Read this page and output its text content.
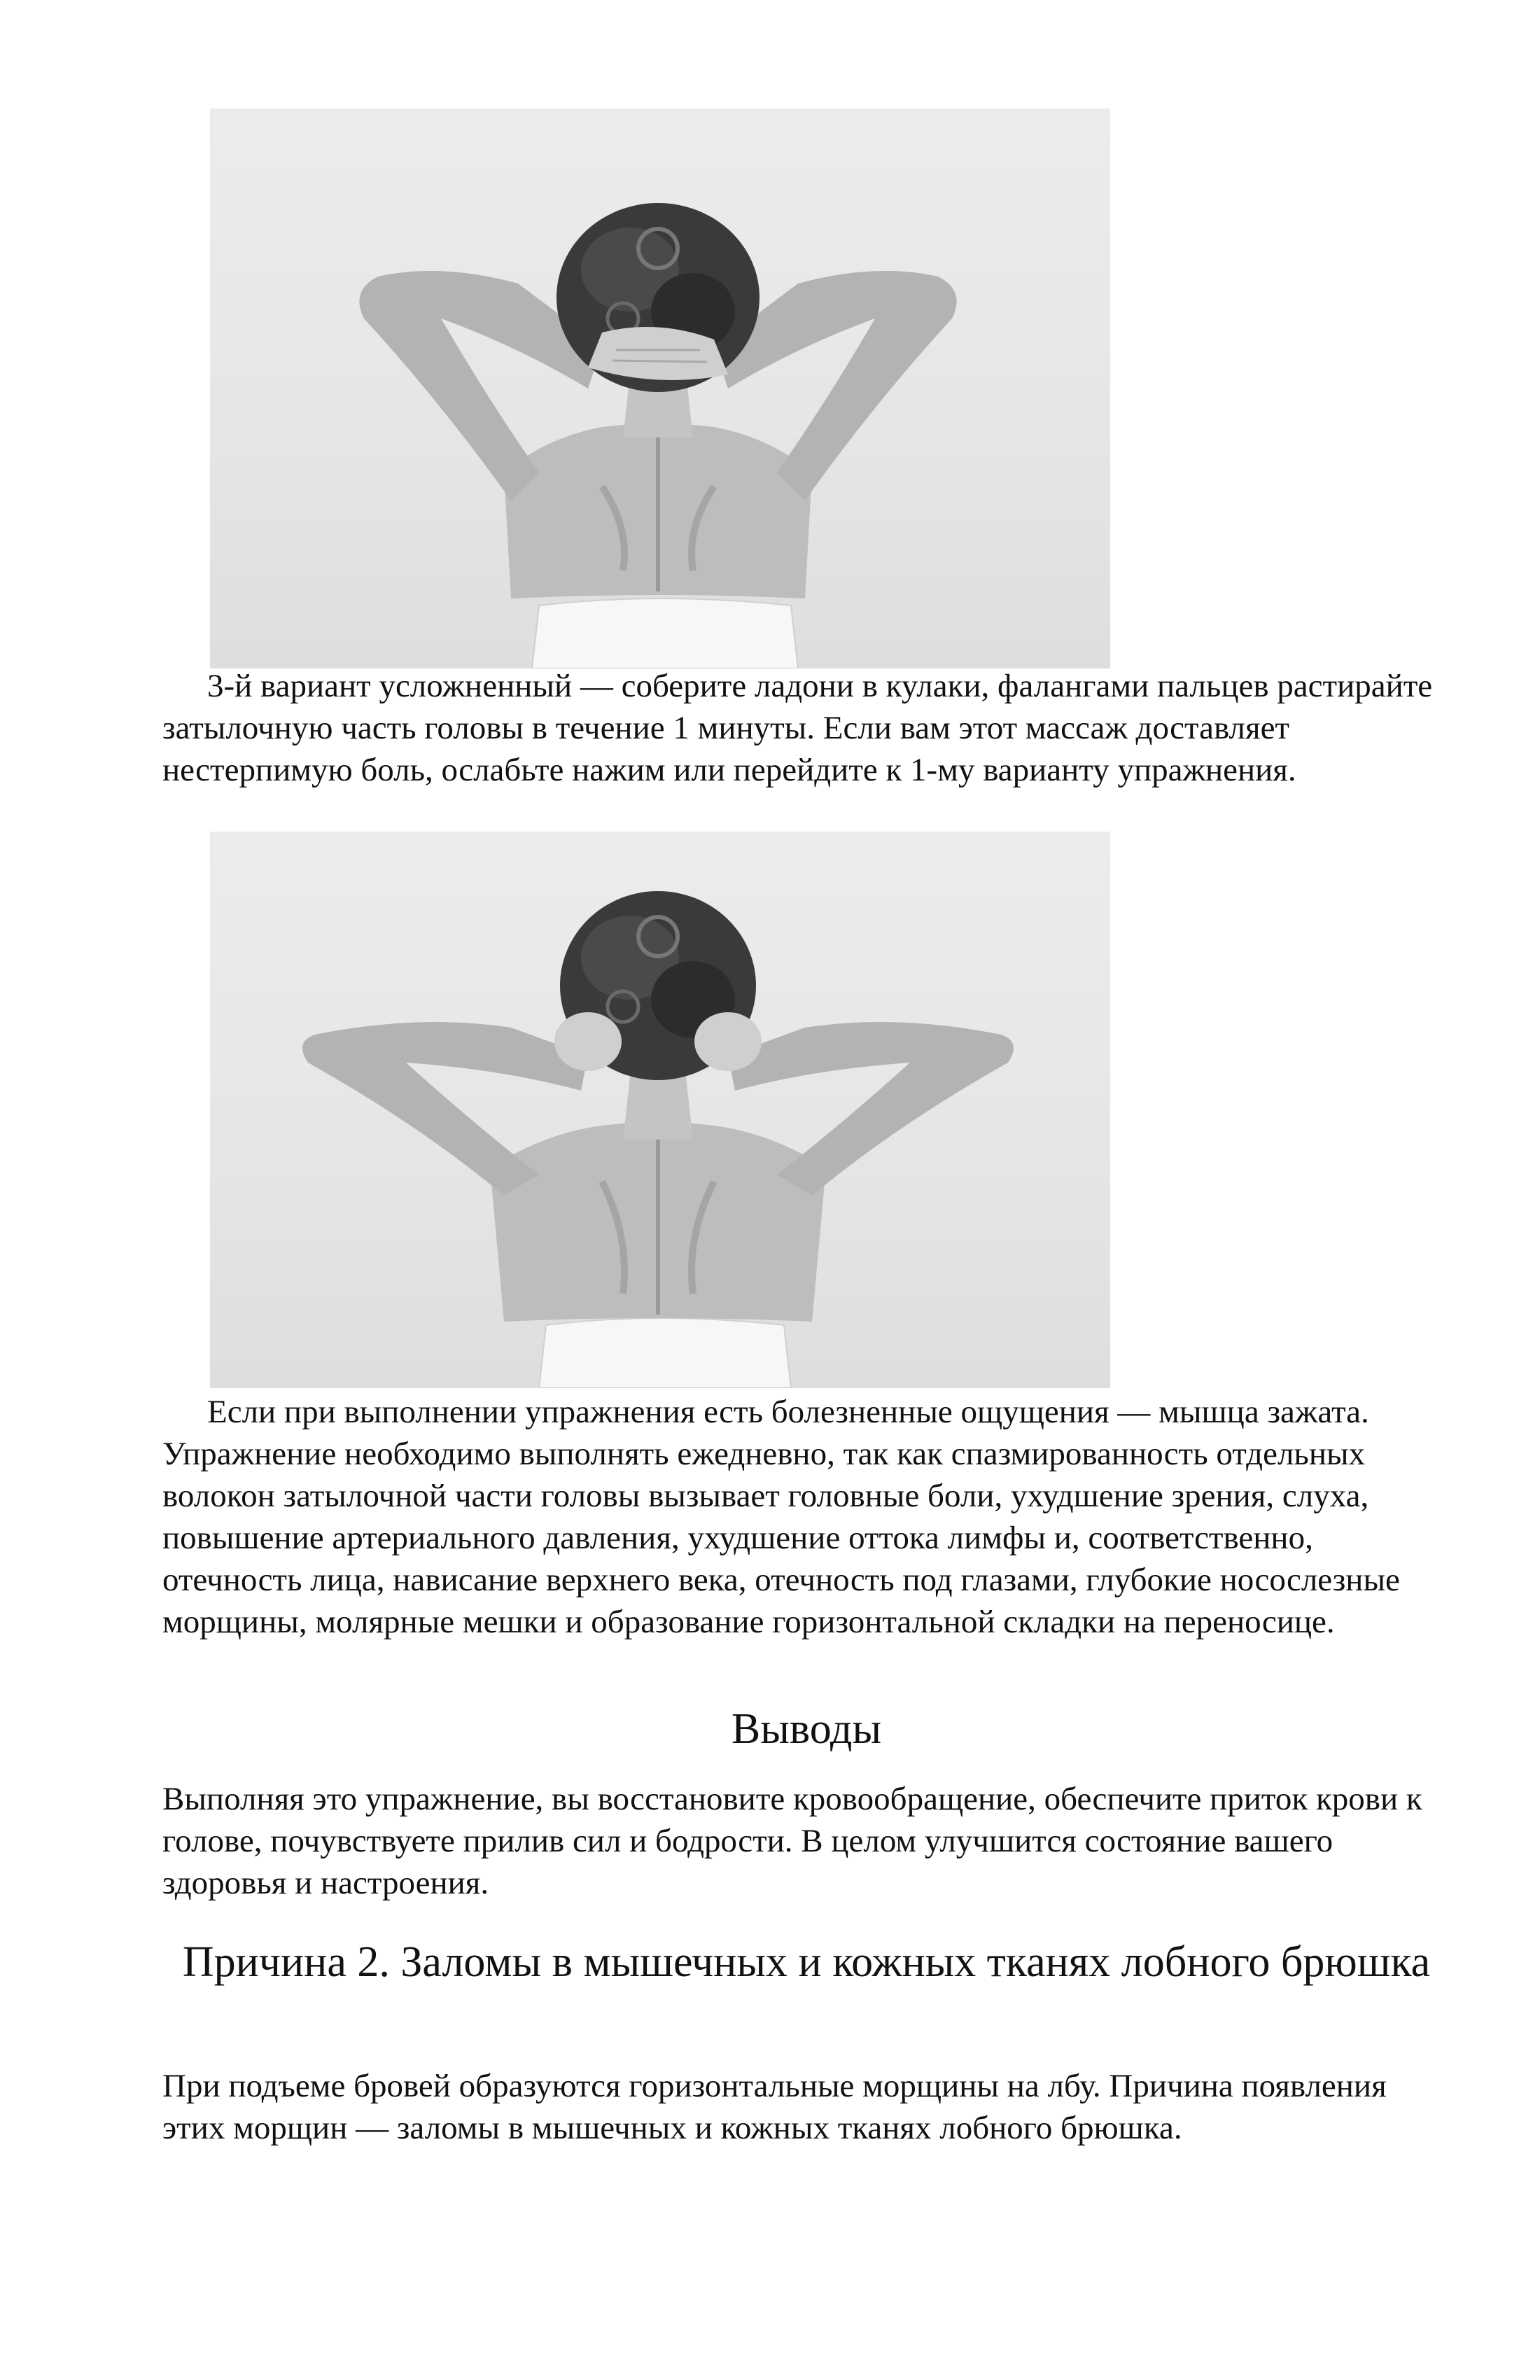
3-й вариант усложненный — соберите ладони в кулаки, фалангами пальцев растирайте затылочную часть головы в течение 1 минуты. Если вам этот массаж доставляет нестерпимую боль, ослабьте нажим или перейдите к 1-му варианту упражнения.

Если при выполнении упражнения есть болезненные ощущения — мышца зажата. Упражнение необходимо выполнять ежедневно, так как спазмированность отдельных волокон затылочной части головы вызывает головные боли, ухудшение зрения, слуха, повышение артериального давления, ухудшение оттока лимфы и, соответственно, отечность лица, нависание верхнего века, отечность под глазами, глубокие носослезные морщины, молярные мешки и образование горизонтальной складки на переносице.

Выводы

Выполняя это упражнение, вы восстановите кровообращение, обеспечите приток крови к голове, почувствуете прилив сил и бодрости. В целом улучшится состояние вашего здоровья и настроения.

Причина 2. Заломы в мышечных и кожных тканях лобного брюшка

При подъеме бровей образуются горизонтальные морщины на лбу. Причина появления этих морщин — заломы в мышечных и кожных тканях лобного брюшка.
